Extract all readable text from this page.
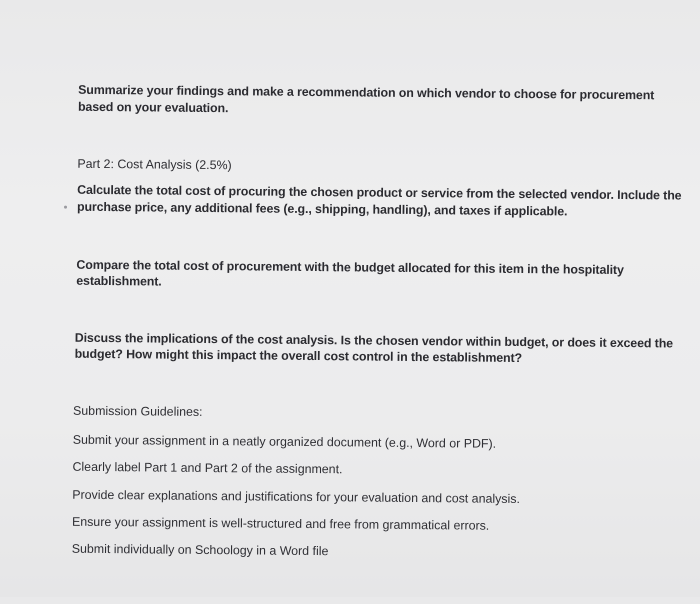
Summarize your findings and make a recommendation on which vendor to choose for procurement

based on your evaluation.

Part 2: Cost Analysis (2.5%)

Calculate the total cost of procuring the chosen product or service from the selected vendor. Include the

purchase price, any additional fees (e.g., shipping, handling), and taxes if applicable.

Compare the total cost of procurement with the budget allocated for this item in the hospitality

establishment.

Discuss the implications of the cost analysis. Is the chosen vendor within budget, or does it exceed the

budget? How might this impact the overall cost control in the establishment?

Submission Guidelines:

Submit your assignment in a neatly organized document (e.g., Word or PDF).

Clearly label Part 1 and Part 2 of the assignment.

Provide clear explanations and justifications for your evaluation and cost analysis.

Ensure your assignment is well-structured and free from grammatical errors.

Submit individually on Schoology in a Word file
